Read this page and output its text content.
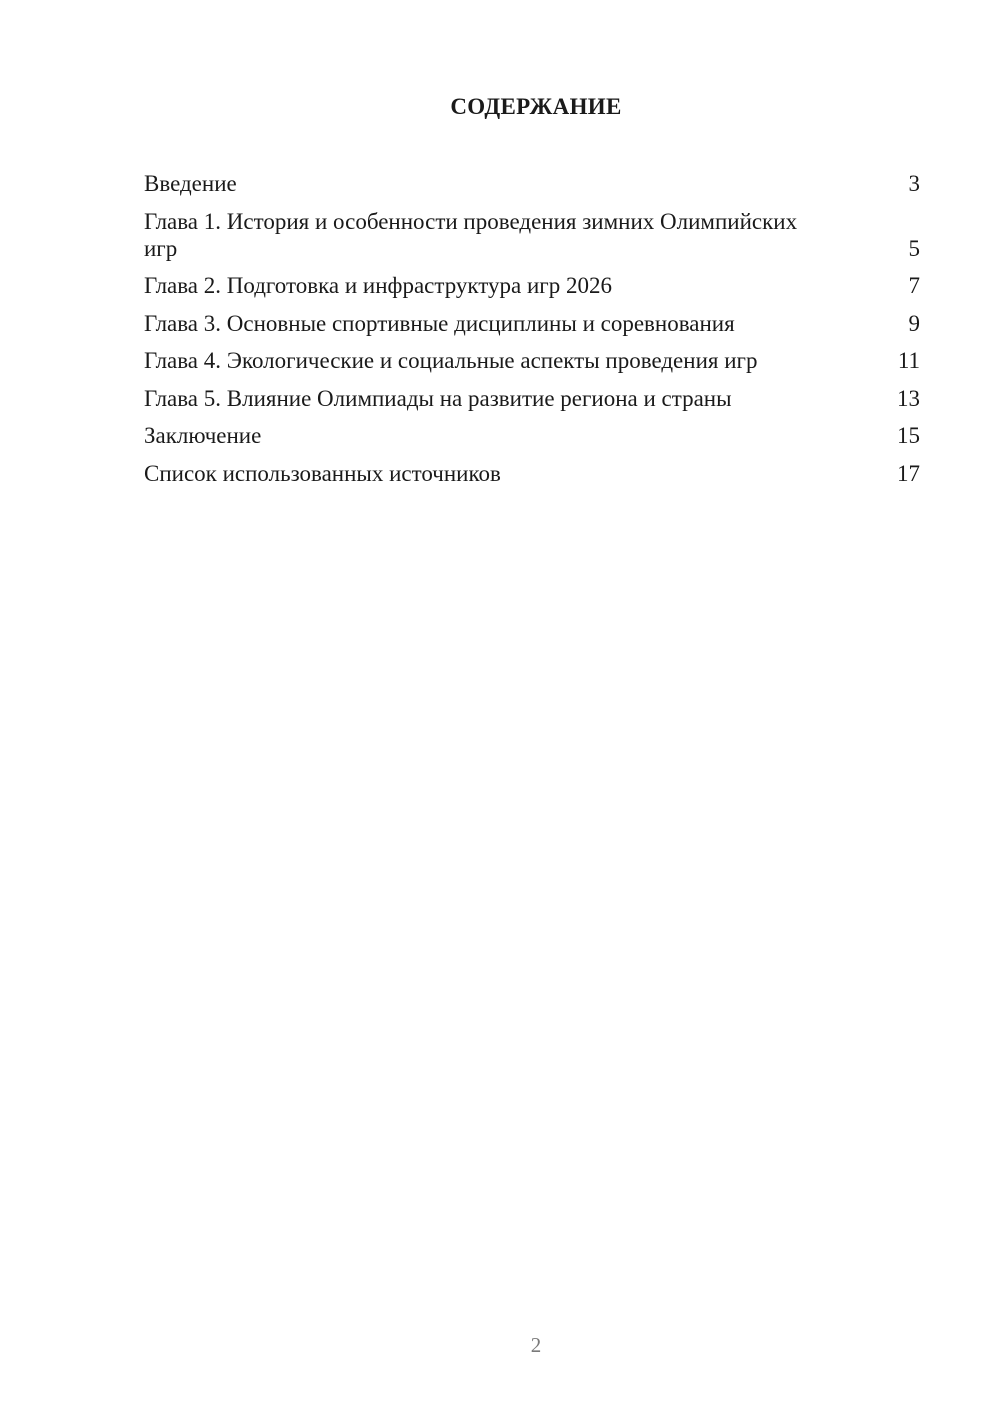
СОДЕРЖАНИЕ
Введение	3
Глава 1. История и особенности проведения зимних Олимпийских игр	5
Глава 2. Подготовка и инфраструктура игр 2026	7
Глава 3. Основные спортивные дисциплины и соревнования	9
Глава 4. Экологические и социальные аспекты проведения игр	11
Глава 5. Влияние Олимпиады на развитие региона и страны	13
Заключение	15
Список использованных источников	17
2
